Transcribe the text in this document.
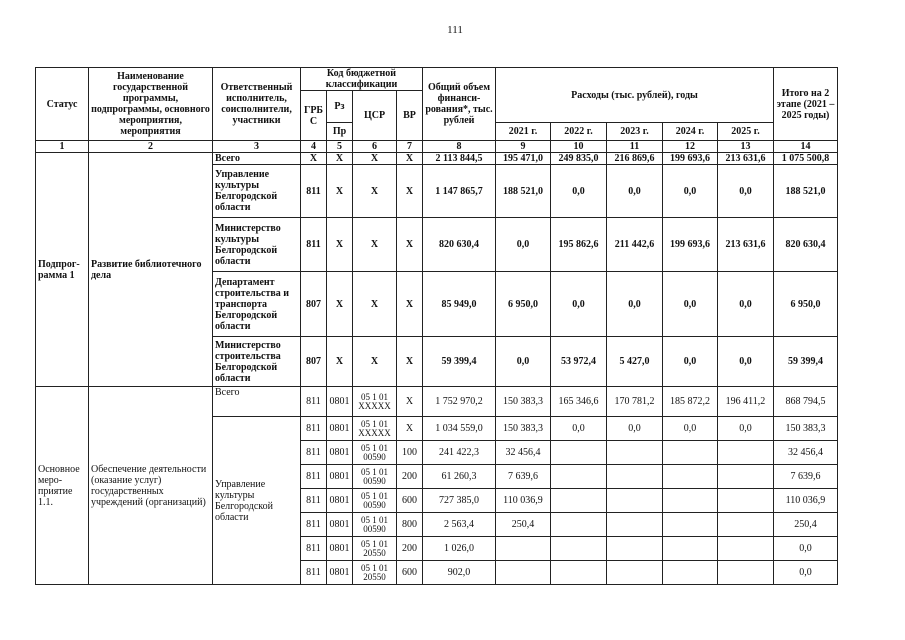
111
Статус	Наименование государственной программы, подпрограммы, основного мероприятия, мероприятия	Ответственный исполнитель, соисполнители, участники	Код бюджетной классификации				Общий объем финанси-рования*, тыс. рублей	Расходы (тыс. рублей), годы					Итого на 2 этапе (2021 – 2025 годы)
			ГРБ С	Рз	ЦСР	ВР							
				Пр				2021 г.	2022 г.	2023 г.	2024 г.	2025 г.	
1	2	3	4	5	6	7	8	9	10	11	12	13	14
Подпрог-рамма 1	Развитие библиотечного дела	Всего	Х	Х	Х	Х	2 113 844,5	195 471,0	249 835,0	216 869,6	199 693,6	213 631,6	1 075 500,8
		Управление культуры Белгородской области	811	Х	Х	Х	1 147 865,7	188 521,0	0,0	0,0	0,0	0,0	188 521,0
		Министерство культуры Белгородской области	811	Х	Х	Х	820 630,4	0,0	195 862,6	211 442,6	199 693,6	213 631,6	820 630,4
		Департамент строительства и транспорта Белгородской области	807	Х	Х	Х	85 949,0	6 950,0	0,0	0,0	0,0	0,0	6 950,0
		Министерство строительства Белгородской области	807	Х	Х	Х	59 399,4	0,0	53 972,4	5 427,0	0,0	0,0	59 399,4
Основное меро-приятие 1.1.	Обеспечение деятельности (оказание услуг) государственных учреждений (организаций)	Всего	811	0801	05 1 01 ХХХХХ	Х	1 752 970,2	150 383,3	165 346,6	170 781,2	185 872,2	196 411,2	868 794,5
		Управление культуры Белгородской области	811	0801	05 1 01 ХХХХХ	Х	1 034 559,0	150 383,3	0,0	0,0	0,0	0,0	150 383,3
			811	0801	05 1 01 00590	100	241 422,3	32 456,4					32 456,4
			811	0801	05 1 01 00590	200	61 260,3	7 639,6					7 639,6
			811	0801	05 1 01 00590	600	727 385,0	110 036,9					110 036,9
			811	0801	05 1 01 00590	800	2 563,4	250,4					250,4
			811	0801	05 1 01 20550	200	1 026,0						0,0
			811	0801	05 1 01 20550	600	902,0						0,0
